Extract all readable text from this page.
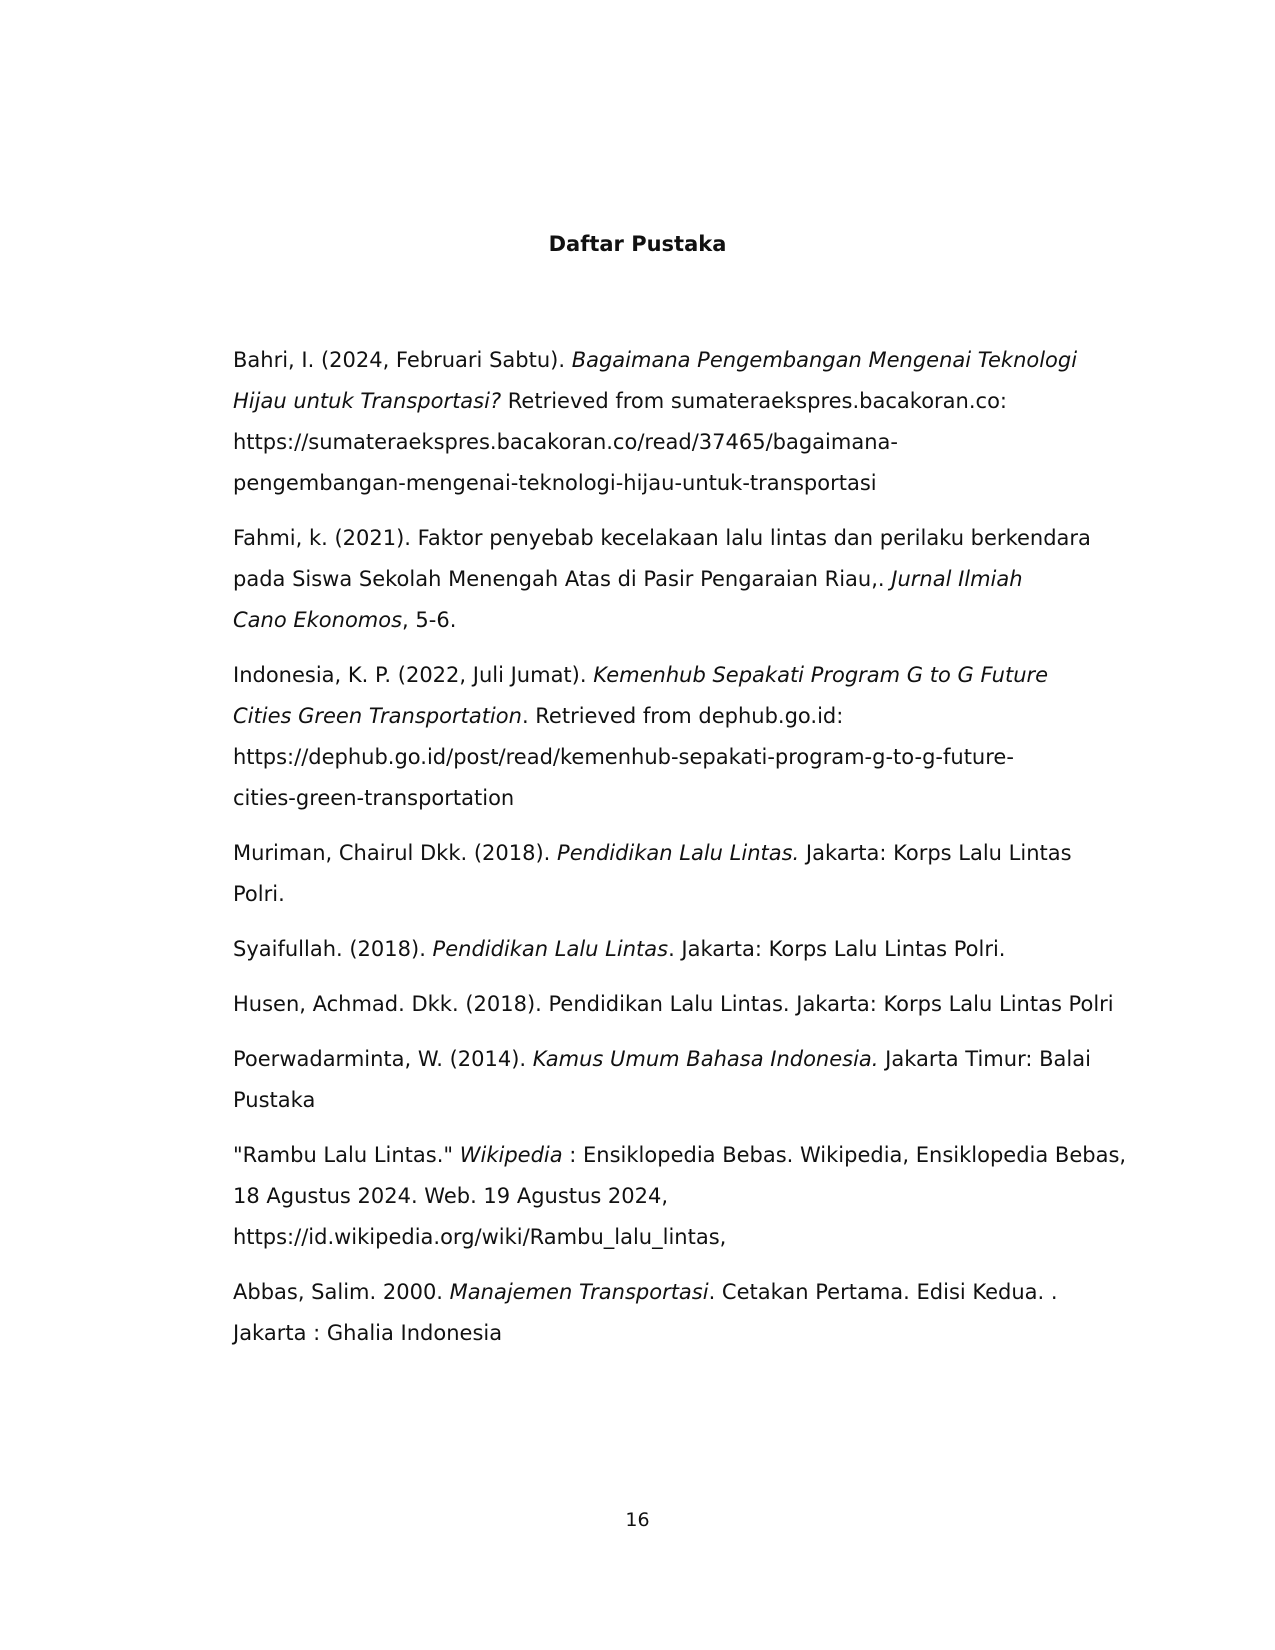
Daftar Pustaka
Bahri, I. (2024, Februari Sabtu). Bagaimana Pengembangan Mengenai Teknologi
Hijau untuk Transportasi? Retrieved from sumateraekspres.bacakoran.co:
https://sumateraekspres.bacakoran.co/read/37465/bagaimana-
pengembangan-mengenai-teknologi-hijau-untuk-transportasi
Fahmi, k. (2021). Faktor penyebab kecelakaan lalu lintas dan perilaku berkendara
pada Siswa Sekolah Menengah Atas di Pasir Pengaraian Riau,. Jurnal Ilmiah
Cano Ekonomos, 5-6.
Indonesia, K. P. (2022, Juli Jumat). Kemenhub Sepakati Program G to G Future
Cities Green Transportation. Retrieved from dephub.go.id:
https://dephub.go.id/post/read/kemenhub-sepakati-program-g-to-g-future-
cities-green-transportation
Muriman, Chairul Dkk. (2018). Pendidikan Lalu Lintas. Jakarta: Korps Lalu Lintas
Polri.
Syaifullah. (2018). Pendidikan Lalu Lintas. Jakarta: Korps Lalu Lintas Polri.
Husen, Achmad. Dkk. (2018). Pendidikan Lalu Lintas. Jakarta: Korps Lalu Lintas Polri
Poerwadarminta, W. (2014). Kamus Umum Bahasa Indonesia. Jakarta Timur: Balai
Pustaka
"Rambu Lalu Lintas." Wikipedia : Ensiklopedia Bebas. Wikipedia, Ensiklopedia Bebas,
18 Agustus 2024. Web. 19 Agustus 2024,
https://id.wikipedia.org/wiki/Rambu_lalu_lintas,
Abbas, Salim. 2000. Manajemen Transportasi. Cetakan Pertama. Edisi Kedua. .
Jakarta : Ghalia Indonesia
16
